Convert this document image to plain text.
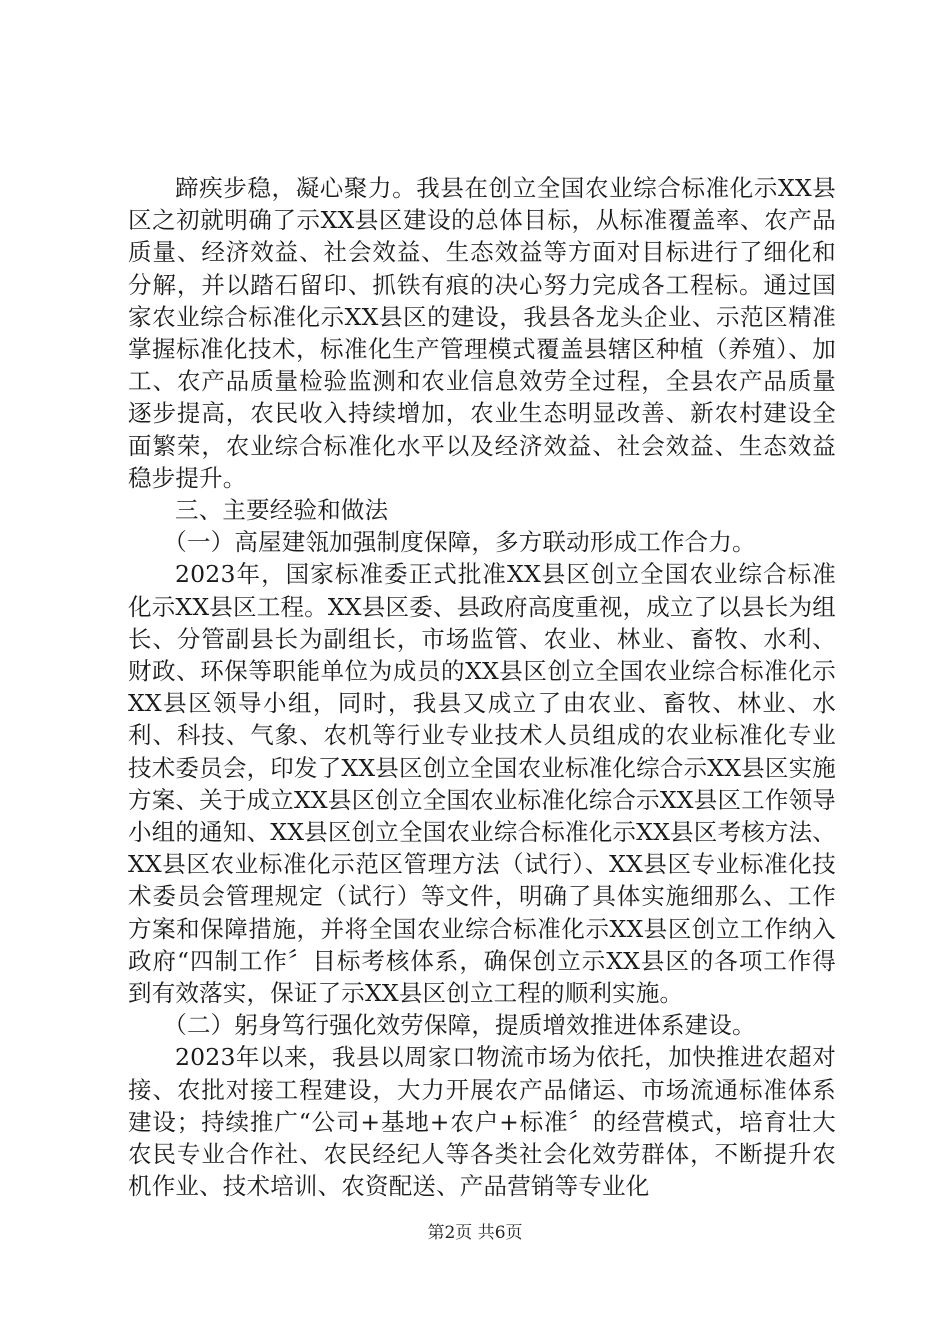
蹄疾步稳，凝心聚力。我县在创立全国农业综合标准化示XX县区之初就明确了示XX县区建设的总体目标，从标准覆盖率、农产品质量、经济效益、社会效益、生态效益等方面对目标进行了细化和分解，并以踏石留印、抓铁有痕的决心努力完成各工程标。通过国家农业综合标准化示XX县区的建设，我县各龙头企业、示范区精准掌握标准化技术，标准化生产管理模式覆盖县辖区种植（养殖）、加工、农产品质量检验监测和农业信息效劳全过程，全县农产品质量逐步提高，农民收入持续增加，农业生态明显改善、新农村建设全面繁荣，农业综合标准化水平以及经济效益、社会效益、生态效益稳步提升。

三、主要经验和做法

（一）高屋建瓴加强制度保障，多方联动形成工作合力。

2023年，国家标准委正式批准XX县区创立全国农业综合标准化示XX县区工程。XX县区委、县政府高度重视，成立了以县长为组长、分管副县长为副组长，市场监管、农业、林业、畜牧、水利、财政、环保等职能单位为成员的XX县区创立全国农业综合标准化示XX县区领导小组，同时，我县又成立了由农业、畜牧、林业、水利、科技、气象、农机等行业专业技术人员组成的农业标准化专业技术委员会，印发了XX县区创立全国农业标准化综合示XX县区实施方案、关于成立XX县区创立全国农业标准化综合示XX县区工作领导小组的通知、XX县区创立全国农业综合标准化示XX县区考核方法、XX县区农业标准化示范区管理方法（试行）、XX县区专业标准化技术委员会管理规定（试行）等文件，明确了具体实施细那么、工作方案和保障措施，并将全国农业综合标准化示XX县区创立工作纳入政府“四制工作〞目标考核体系，确保创立示XX县区的各项工作得到有效落实，保证了示XX县区创立工程的顺利实施。

（二）躬身笃行强化效劳保障，提质增效推进体系建设。

2023年以来，我县以周家口物流市场为依托，加快推进农超对接、农批对接工程建设，大力开展农产品储运、市场流通标准体系建设；持续推广“公司+基地+农户+标准〞的经营模式，培育壮大农民专业合作社、农民经纪人等各类社会化效劳群体，不断提升农机作业、技术培训、农资配送、产品营销等专业化

第2页 共6页
